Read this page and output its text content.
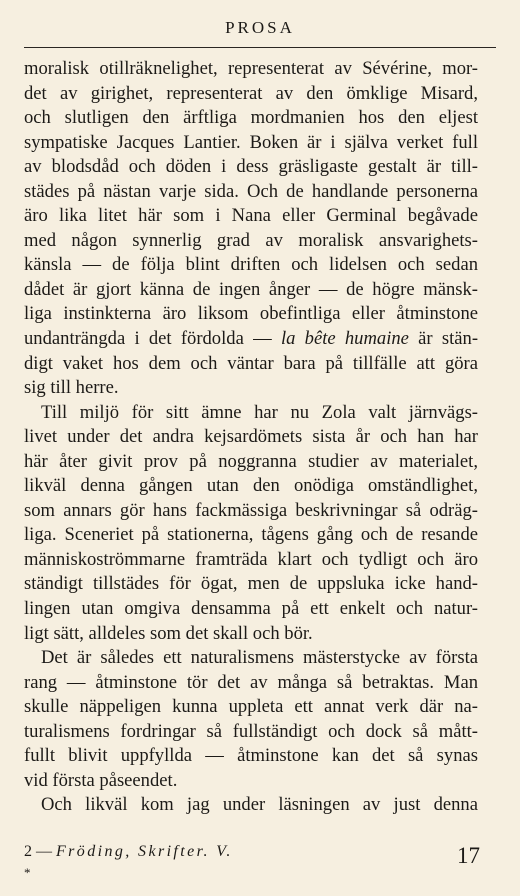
PROSA
moralisk otillräknelighet, representerat av Sévérine, mor-
det av girighet, representerat av den ömklige Misard,
och slutligen den ärftliga mordmanien hos den eljest
sympatiske Jacques Lantier. Boken är i själva verket full
av blodsdåd och döden i dess gräsligaste gestalt är till-
städes på nästan varje sida. Och de handlande personerna
äro lika litet här som i Nana eller Germinal begåvade
med någon synnerlig grad av moralisk ansvarighets-
känsla — de följa blint driften och lidelsen och sedan
dådet är gjort känna de ingen ånger — de högre mänsk-
liga instinkterna äro liksom obefintliga eller åtminstone
undanträngda i det fördolda — la bête humaine är stän-
digt vaket hos dem och väntar bara på tillfälle att göra
sig till herre.
Till miljö för sitt ämne har nu Zola valt järnvägs-
livet under det andra kejsardömets sista år och han har
här åter givit prov på noggranna studier av materialet,
likväl denna gången utan den onödiga omständlighet,
som annars gör hans fackmässiga beskrivningar så odräg-
liga. Sceneriet på stationerna, tågens gång och de resande
människoströmmarne framträda klart och tydligt och äro
ständigt tillstädes för ögat, men de uppsluka icke hand-
lingen utan omgiva densamma på ett enkelt och natur-
ligt sätt, alldeles som det skall och bör.
Det är således ett naturalismens mästerstycke av första
rang — åtminstone tör det av många så betraktas. Man
skulle näppeligen kunna uppleta ett annat verk där na-
turalismens fordringar så fullständigt och dock så mått-
fullt blivit uppfyllda — åtminstone kan det så synas
vid första påseendet.
Och likväl kom jag under läsningen av just denna
2 — Fröding, Skrifter. V.
*
17
